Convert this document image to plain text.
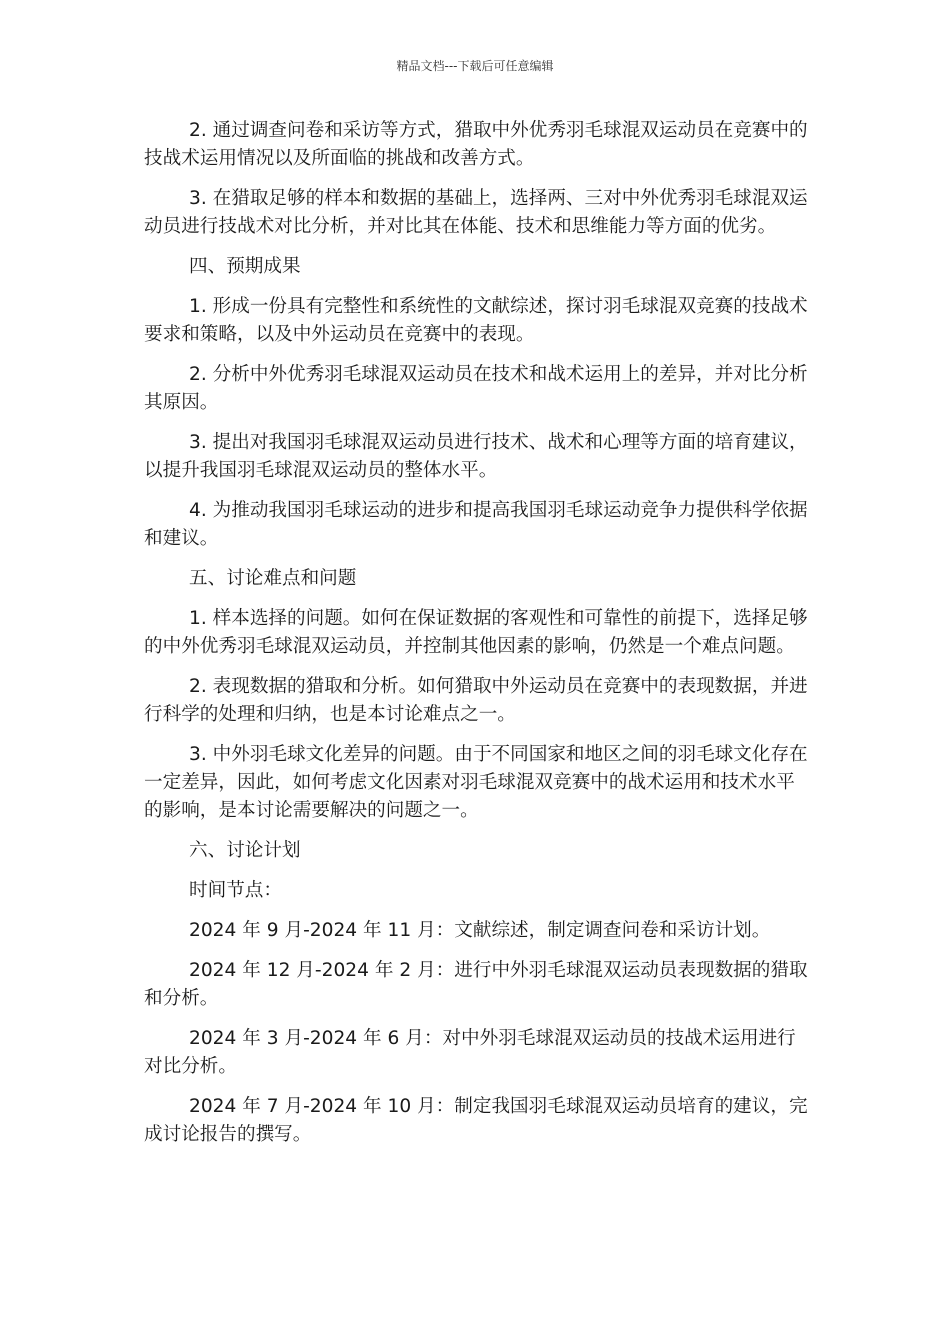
精品文档---下载后可任意编辑

2. 通过调查问卷和采访等方式，猎取中外优秀羽毛球混双运动员在竞赛中的技战术运用情况以及所面临的挑战和改善方式。

3. 在猎取足够的样本和数据的基础上，选择两、三对中外优秀羽毛球混双运动员进行技战术对比分析，并对比其在体能、技术和思维能力等方面的优劣。

四、预期成果

1. 形成一份具有完整性和系统性的文献综述，探讨羽毛球混双竞赛的技战术要求和策略，以及中外运动员在竞赛中的表现。

2. 分析中外优秀羽毛球混双运动员在技术和战术运用上的差异，并对比分析其原因。

3. 提出对我国羽毛球混双运动员进行技术、战术和心理等方面的培育建议，以提升我国羽毛球混双运动员的整体水平。

4. 为推动我国羽毛球运动的进步和提高我国羽毛球运动竞争力提供科学依据和建议。

五、讨论难点和问题

1. 样本选择的问题。如何在保证数据的客观性和可靠性的前提下，选择足够的中外优秀羽毛球混双运动员，并控制其他因素的影响，仍然是一个难点问题。

2. 表现数据的猎取和分析。如何猎取中外运动员在竞赛中的表现数据，并进行科学的处理和归纳，也是本讨论难点之一。

3. 中外羽毛球文化差异的问题。由于不同国家和地区之间的羽毛球文化存在一定差异，因此，如何考虑文化因素对羽毛球混双竞赛中的战术运用和技术水平的影响，是本讨论需要解决的问题之一。

六、讨论计划

时间节点：

2024 年 9 月-2024 年 11 月：文献综述，制定调查问卷和采访计划。

2024 年 12 月-2024 年 2 月：进行中外羽毛球混双运动员表现数据的猎取和分析。

2024 年 3 月-2024 年 6 月：对中外羽毛球混双运动员的技战术运用进行对比分析。

2024 年 7 月-2024 年 10 月：制定我国羽毛球混双运动员培育的建议，完成讨论报告的撰写。
